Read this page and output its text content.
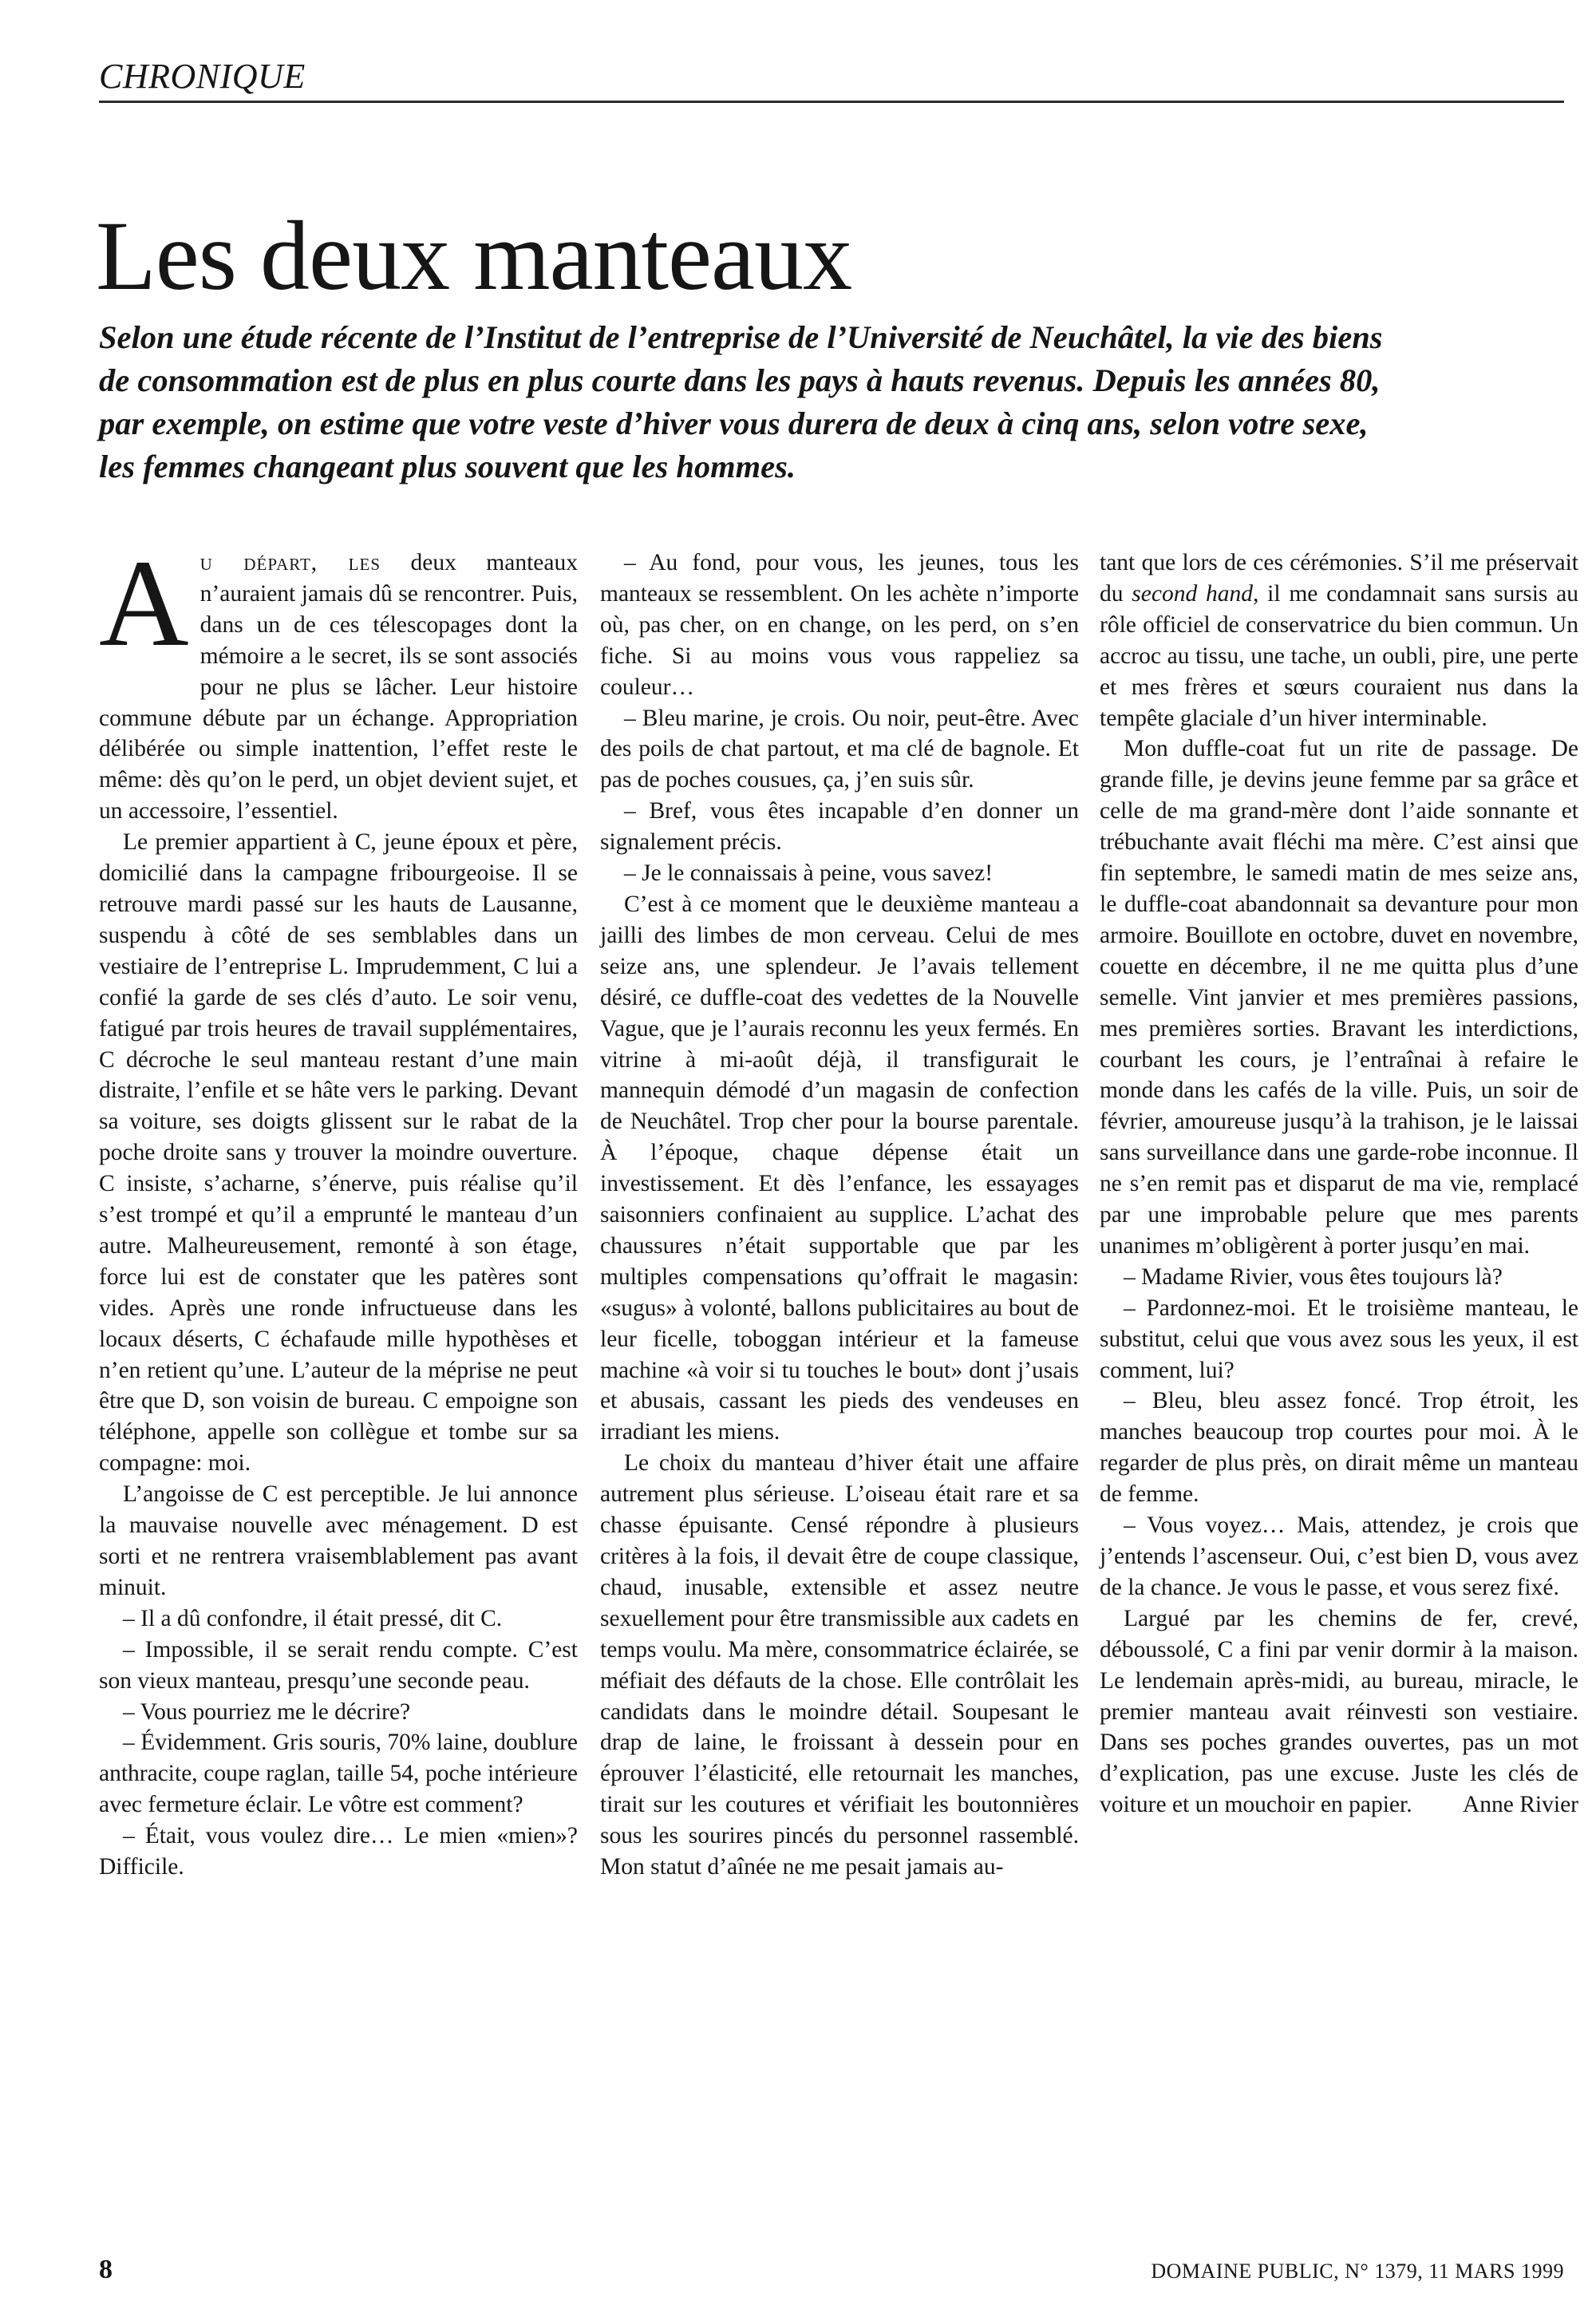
CHRONIQUE
Les deux manteaux

Selon une étude récente de l’Institut de l’entreprise de l’Université de Neuchâtel, la vie des biens de consommation est de plus en plus courte dans les pays à hauts revenus. Depuis les années 80, par exemple, on estime que votre veste d’hiver vous durera de deux à cinq ans, selon votre sexe, les femmes changeant plus souvent que les hommes.

Au départ, les deux manteaux n’auraient jamais dû se rencontrer. Puis, dans un de ces télescopages dont la mémoire a le secret, ils se sont associés pour ne plus se lâcher. Leur histoire commune débute par un échange. Appropriation délibérée ou simple inattention, l’effet reste le même: dès qu’on le perd, un objet devient sujet, et un accessoire, l’essentiel.

Le premier appartient à C, jeune époux et père, domicilié dans la campagne fribourgeoise. Il se retrouve mardi passé sur les hauts de Lausanne, suspendu à côté de ses semblables dans un vestiaire de l’entreprise L. Imprudemment, C lui a confié la garde de ses clés d’auto. Le soir venu, fatigué par trois heures de travail supplémentaires, C décroche le seul manteau restant d’une main distraite, l’enfile et se hâte vers le parking. Devant sa voiture, ses doigts glissent sur le rabat de la poche droite sans y trouver la moindre ouverture. C insiste, s’acharne, s’énerve, puis réalise qu’il s’est trompé et qu’il a emprunté le manteau d’un autre. Malheureusement, remonté à son étage, force lui est de constater que les patères sont vides. Après une ronde infructueuse dans les locaux déserts, C échafaude mille hypothèses et n’en retient qu’une. L’auteur de la méprise ne peut être que D, son voisin de bureau. C empoigne son téléphone, appelle son collègue et tombe sur sa compagne: moi.

L’angoisse de C est perceptible. Je lui annonce la mauvaise nouvelle avec ménagement. D est sorti et ne rentrera vraisemblablement pas avant minuit.

– Il a dû confondre, il était pressé, dit C.

– Impossible, il se serait rendu compte. C’est son vieux manteau, presqu’une seconde peau.

– Vous pourriez me le décrire?

– Évidemment. Gris souris, 70% laine, doublure anthracite, coupe raglan, taille 54, poche intérieure avec fermeture éclair. Le vôtre est comment?

– Était, vous voulez dire… Le mien «mien»? Difficile.

– Au fond, pour vous, les jeunes, tous les manteaux se ressemblent. On les achète n’importe où, pas cher, on en change, on les perd, on s’en fiche. Si au moins vous vous rappeliez sa couleur…

– Bleu marine, je crois. Ou noir, peut-être. Avec des poils de chat partout, et ma clé de bagnole. Et pas de poches cousues, ça, j’en suis sûr.

– Bref, vous êtes incapable d’en donner un signalement précis.

– Je le connaissais à peine, vous savez!

C’est à ce moment que le deuxième manteau a jailli des limbes de mon cerveau. Celui de mes seize ans, une splendeur. Je l’avais tellement désiré, ce duffle-coat des vedettes de la Nouvelle Vague, que je l’aurais reconnu les yeux fermés. En vitrine à mi-août déjà, il transfigurait le mannequin démodé d’un magasin de confection de Neuchâtel. Trop cher pour la bourse parentale. À l’époque, chaque dépense était un investissement. Et dès l’enfance, les essayages saisonniers confinaient au supplice. L’achat des chaussures n’était supportable que par les multiples compensations qu’offrait le magasin: «sugus» à volonté, ballons publicitaires au bout de leur ficelle, toboggan intérieur et la fameuse machine «à voir si tu touches le bout» dont j’usais et abusais, cassant les pieds des vendeuses en irradiant les miens.

Le choix du manteau d’hiver était une affaire autrement plus sérieuse. L’oiseau était rare et sa chasse épuisante. Censé répondre à plusieurs critères à la fois, il devait être de coupe classique, chaud, inusable, extensible et assez neutre sexuellement pour être transmissible aux cadets en temps voulu. Ma mère, consommatrice éclairée, se méfiait des défauts de la chose. Elle contrôlait les candidats dans le moindre détail. Soupesant le drap de laine, le froissant à dessein pour en éprouver l’élasticité, elle retournait les manches, tirait sur les coutures et vérifiait les boutonnières sous les sourires pincés du personnel rassemblé. Mon statut d’aînée ne me pesait jamais au-

tant que lors de ces cérémonies. S’il me préservait du second hand, il me condamnait sans sursis au rôle officiel de conservatrice du bien commun. Un accroc au tissu, une tache, un oubli, pire, une perte et mes frères et sœurs couraient nus dans la tempête glaciale d’un hiver interminable.

Mon duffle-coat fut un rite de passage. De grande fille, je devins jeune femme par sa grâce et celle de ma grand-mère dont l’aide sonnante et trébuchante avait fléchi ma mère. C’est ainsi que fin septembre, le samedi matin de mes seize ans, le duffle-coat abandonnait sa devanture pour mon armoire. Bouillote en octobre, duvet en novembre, couette en décembre, il ne me quitta plus d’une semelle. Vint janvier et mes premières passions, mes premières sorties. Bravant les interdictions, courbant les cours, je l’entraînai à refaire le monde dans les cafés de la ville. Puis, un soir de février, amoureuse jusqu’à la trahison, je le laissai sans surveillance dans une garde-robe inconnue. Il ne s’en remit pas et disparut de ma vie, remplacé par une improbable pelure que mes parents unanimes m’obligèrent à porter jusqu’en mai.

– Madame Rivier, vous êtes toujours là?

– Pardonnez-moi. Et le troisième manteau, le substitut, celui que vous avez sous les yeux, il est comment, lui?

– Bleu, bleu assez foncé. Trop étroit, les manches beaucoup trop courtes pour moi. À le regarder de plus près, on dirait même un manteau de femme.

– Vous voyez… Mais, attendez, je crois que j’entends l’ascenseur. Oui, c’est bien D, vous avez de la chance. Je vous le passe, et vous serez fixé.

Largué par les chemins de fer, crevé, déboussolé, C a fini par venir dormir à la maison. Le lendemain après-midi, au bureau, miracle, le premier manteau avait réinvesti son vestiaire. Dans ses poches grandes ouvertes, pas un mot d’explication, pas une excuse. Juste les clés de voiture et un mouchoir en papier.	Anne Rivier

8	DOMAINE PUBLIC, N° 1379, 11 MARS 1999
